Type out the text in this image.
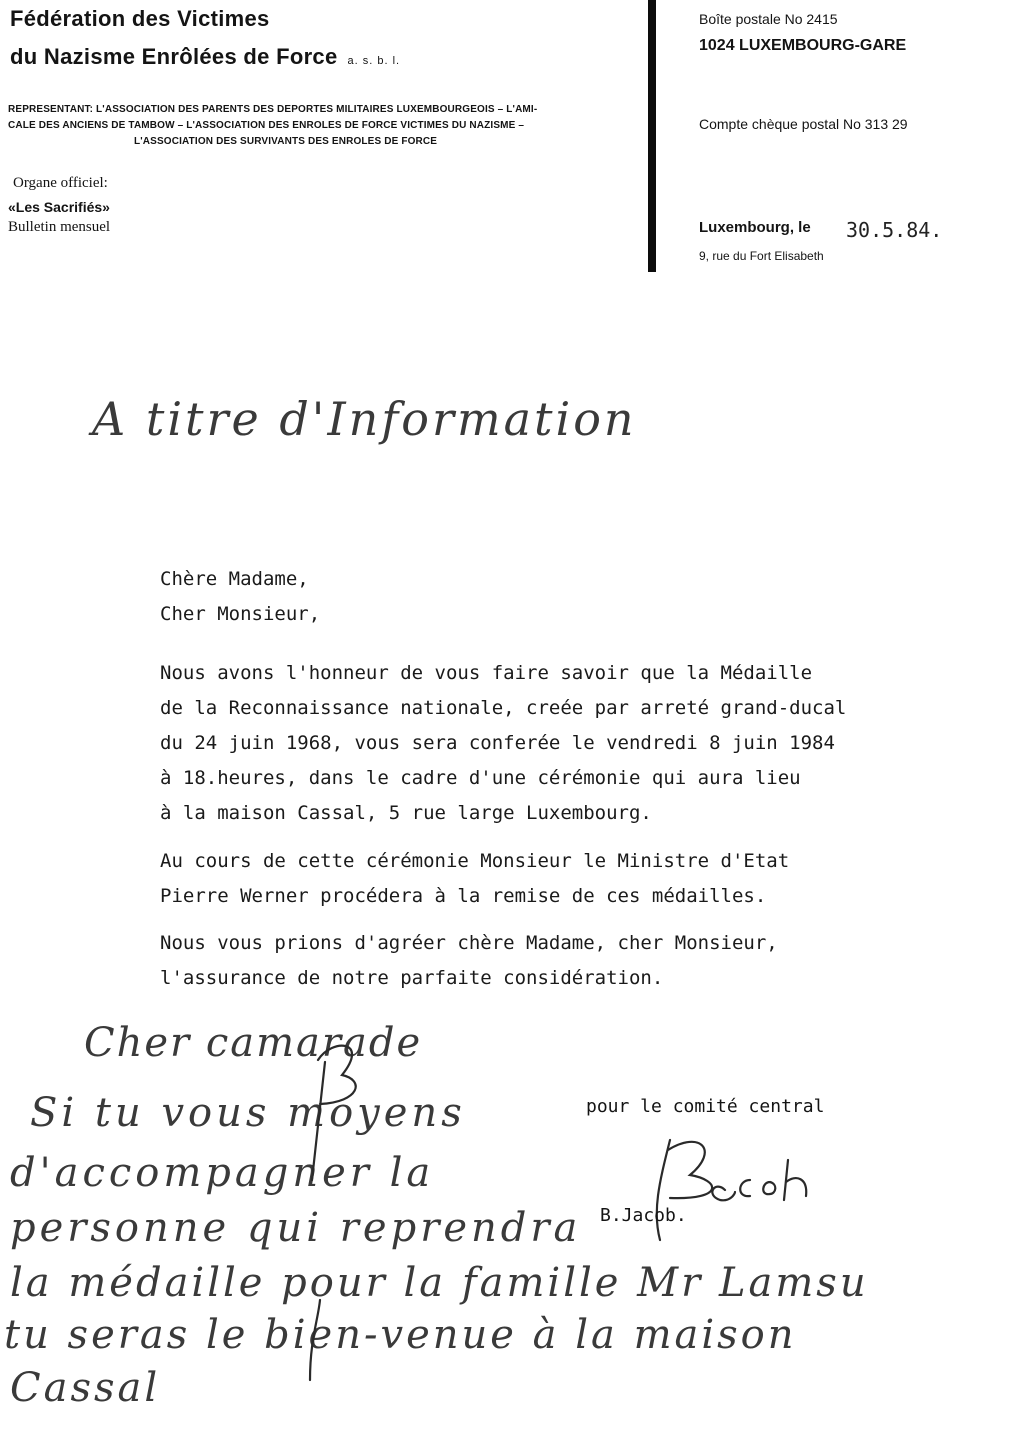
Fédération des Victimes
du Nazisme Enrôlées de Force a. s. b. l.
REPRESENTANT: L'ASSOCIATION DES PARENTS DES DEPORTES MILITAIRES LUXEMBOURGEOIS – L'AMI-
CALE DES ANCIENS DE TAMBOW – L'ASSOCIATION DES ENROLES DE FORCE VICTIMES DU NAZISME –
L'ASSOCIATION DES SURVIVANTS DES ENROLES DE FORCE
Organe officiel:
«Les Sacrifiés»
Bulletin mensuel
Boîte postale No 2415
1024 LUXEMBOURG-GARE
Compte chèque postal No 313 29
Luxembourg, le 30.5.84.
9, rue du Fort Elisabeth
A titre d'Information
Chère Madame,
Cher Monsieur,
Nous avons l'honneur de vous faire savoir que la Médaille
de la Reconnaissance nationale, creée par arreté grand-ducal
du 24 juin 1968, vous sera conferée le vendredi 8 juin 1984
à 18.heures, dans le cadre d'une cérémonie qui aura lieu
à la maison Cassal, 5 rue large Luxembourg.
Au cours de cette cérémonie Monsieur le Ministre d'Etat
Pierre Werner procédera à la remise de ces médailles.
Nous vous prions d'agréer chère Madame, cher Monsieur,
l'assurance de notre parfaite considération.
pour le comité central
B.Jacob.
Cher camarade
Si tu vous moyens
d'accompagner la
personne qui reprendra
la médaille pour la famille Mr Lamsu
tu seras le bien-venue à la maison
Cassal
